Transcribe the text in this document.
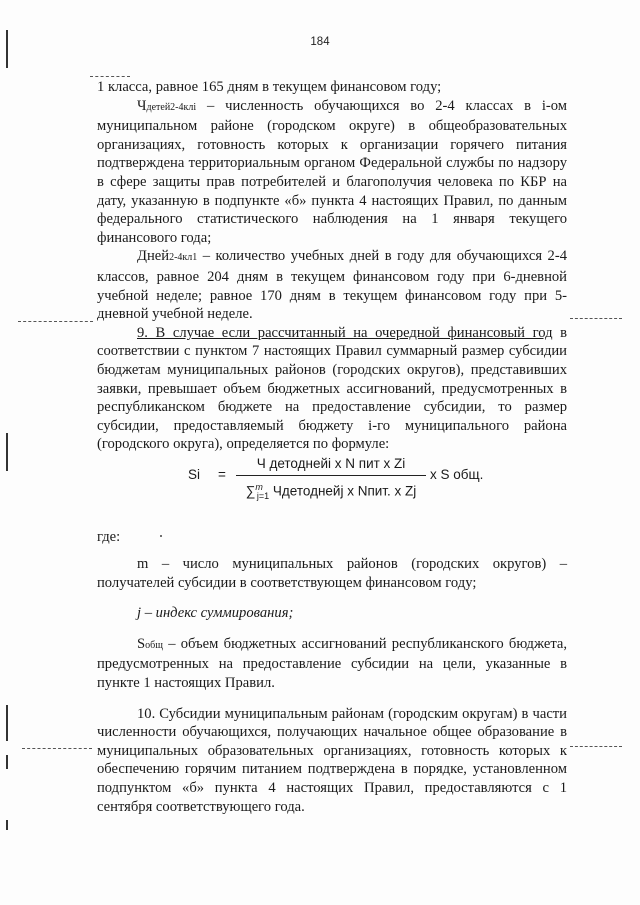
184

1 класса, равное 165 дням в текущем финансовом году;

Чдетей2-4клi – численность обучающихся во 2-4 классах в i-ом муниципальном районе (городском округе) в общеобразовательных организациях, готовность которых к организации горячего питания подтверждена территориальным органом Федеральной службы по надзору в сфере защиты прав потребителей и благополучия человека по КБР на дату, указанную в подпункте «б» пункта 4 настоящих Правил, по данным федерального статистического наблюдения на 1 января текущего финансового года;

Дней2-4кл1 – количество учебных дней в году для обучающихся 2-4 классов, равное 204 дням в текущем финансовом году при 6-дневной учебной неделе; равное 170 дням в текущем финансовом году при 5-дневной учебной неделе.

9. В случае если рассчитанный на очередной финансовый год в соответствии с пунктом 7 настоящих Правил суммарный размер субсидии бюджетам муниципальных районов (городских округов), представивших заявки, превышает объем бюджетных ассигнований, предусмотренных в республиканском бюджете на предоставление субсидии, то размер субсидии, предоставляемый бюджету i-го муниципального района (городского округа), определяется по формуле:

Si =
Ч детоднейi x N пит x Zi
∑$^m_{j=1}$ Чдетоднейj x Nпит. x Zj
x S общ.
где:

m – число муниципальных районов (городских округов) – получателей субсидии в соответствующем финансовом году;

j – индекс суммирования;

Sобщ – объем бюджетных ассигнований республиканского бюджета, предусмотренных на предоставление субсидии на цели, указанные в пункте 1 настоящих Правил.

10. Субсидии муниципальным районам (городским округам) в части численности обучающихся, получающих начальное общее образование в муниципальных образовательных организациях, готовность которых к обеспечению горячим питанием подтверждена в порядке, установленном подпунктом «б» пункта 4 настоящих Правил, предоставляются с 1 сентября соответствующего года.
